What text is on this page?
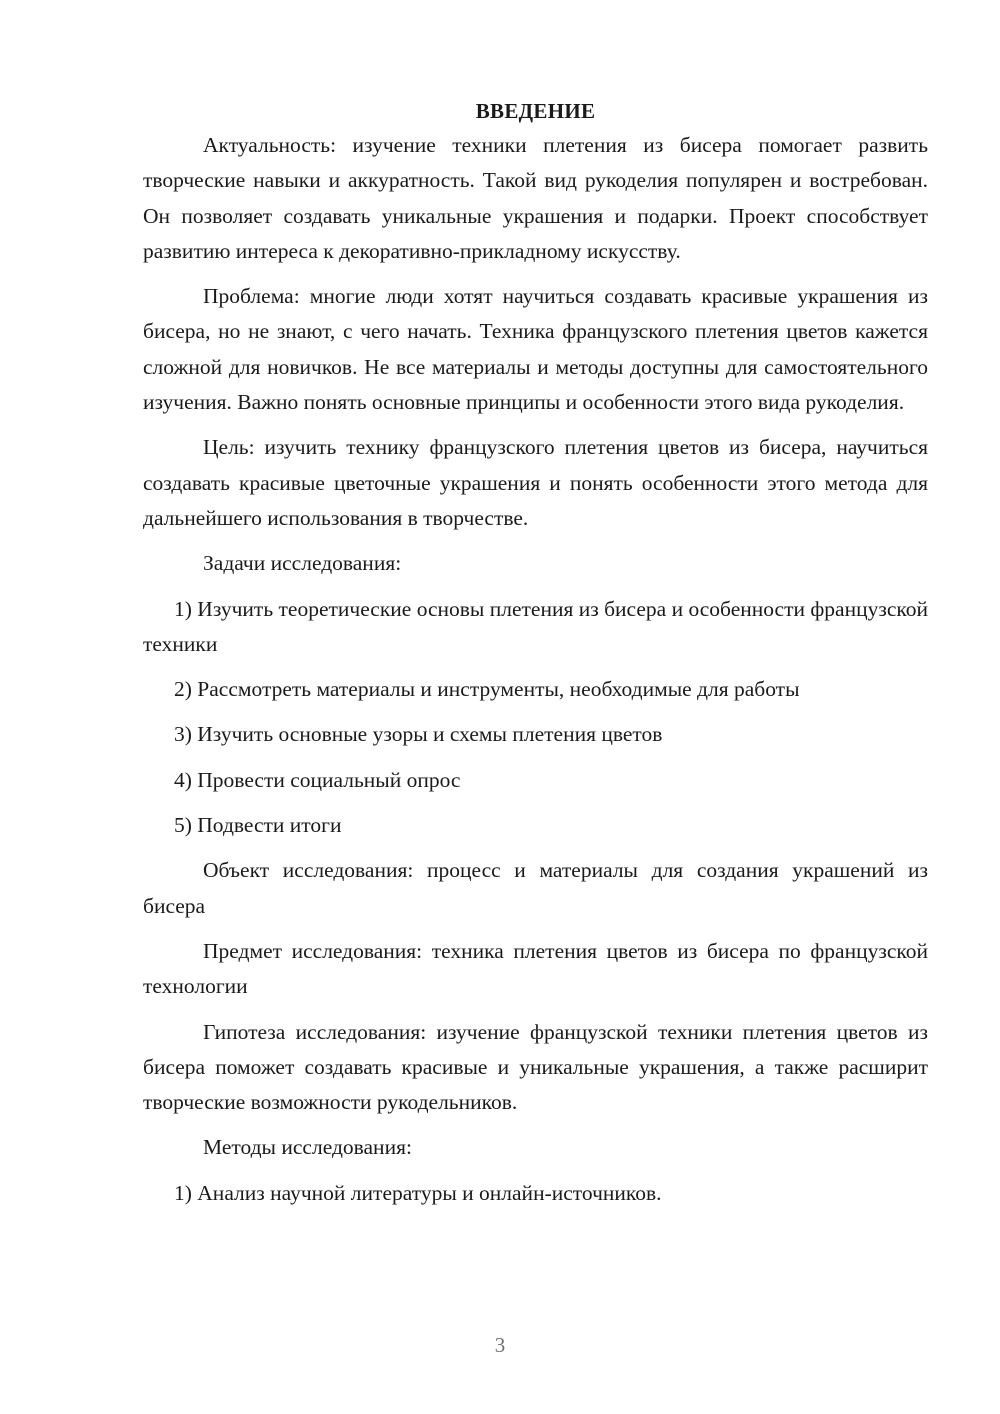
ВВЕДЕНИЕ

Актуальность: изучение техники плетения из бисера помогает развить творческие навыки и аккуратность. Такой вид рукоделия популярен и востребован. Он позволяет создавать уникальные украшения и подарки. Проект способствует развитию интереса к декоративно-прикладному искусству.

Проблема: многие люди хотят научиться создавать красивые украшения из бисера, но не знают, с чего начать. Техника французского плетения цветов кажется сложной для новичков. Не все материалы и методы доступны для самостоятельного изучения. Важно понять основные принципы и особенности этого вида рукоделия.

Цель: изучить технику французского плетения цветов из бисера, научиться создавать красивые цветочные украшения и понять особенности этого метода для дальнейшего использования в творчестве.

Задачи исследования:

1) Изучить теоретические основы плетения из бисера и особенности французской техники

2) Рассмотреть материалы и инструменты, необходимые для работы

3) Изучить основные узоры и схемы плетения цветов

4) Провести социальный опрос

5) Подвести итоги

Объект исследования: процесс и материалы для создания украшений из бисера

Предмет исследования: техника плетения цветов из бисера по французской технологии

Гипотеза исследования: изучение французской техники плетения цветов из бисера поможет создавать красивые и уникальные украшения, а также расширит творческие возможности рукодельников.

Методы исследования:

1) Анализ научной литературы и онлайн-источников.

3
